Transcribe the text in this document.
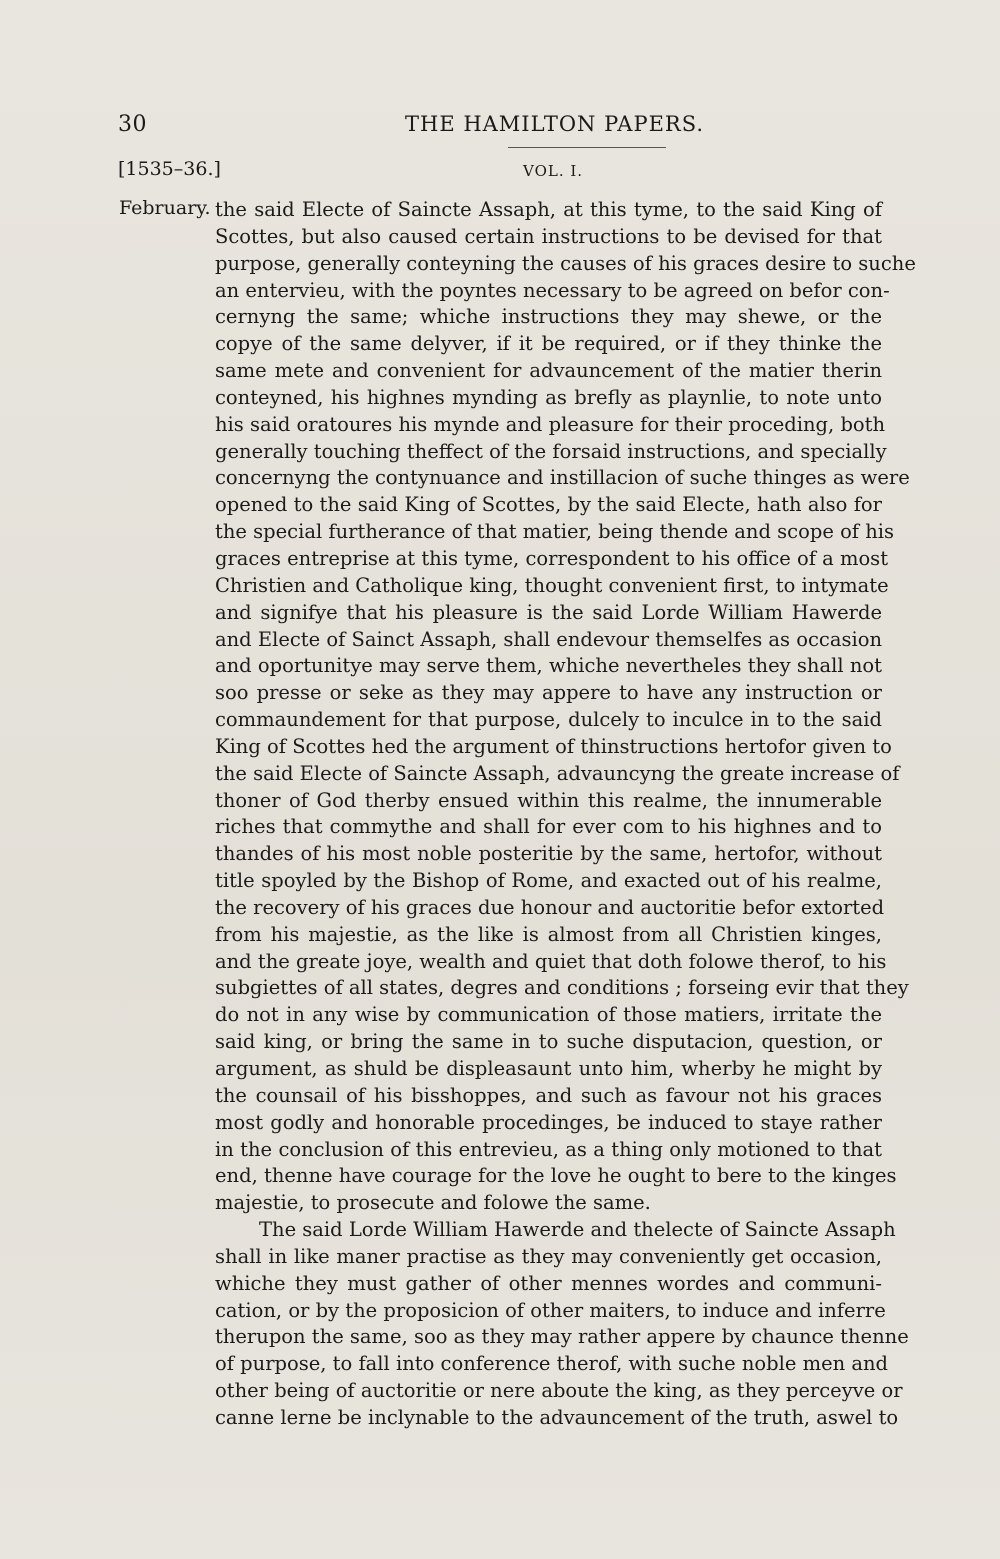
30	THE HAMILTON PAPERS.
[1535–36.]	VOL. I.
February. the said Electe of Saincte Assaph, at this tyme, to the said King of
Scottes, but also caused certain instructions to be devised for that
purpose, generally conteyning the causes of his graces desire to suche
an entervieu, with the poyntes necessary to be agreed on befor con-
cernyng the same; whiche instructions they may shewe, or the
copye of the same delyver, if it be required, or if they thinke the
same mete and convenient for advauncement of the matier therin
conteyned, his highnes mynding as brefly as playnlie, to note unto
his said oratoures his mynde and pleasure for their proceding, both
generally touching theffect of the forsaid instructions, and specially
concernyng the contynuance and instillacion of suche thinges as were
opened to the said King of Scottes, by the said Electe, hath also for
the special furtherance of that matier, being thende and scope of his
graces entreprise at this tyme, correspondent to his office of a most
Christien and Catholique king, thought convenient first, to intymate
and signifye that his pleasure is the said Lorde William Hawerde
and Electe of Sainct Assaph, shall endevour themselfes as occasion
and oportunitye may serve them, whiche nevertheles they shall not
soo presse or seke as they may appere to have any instruction or
commaundement for that purpose, dulcely to inculce in to the said
King of Scottes hed the argument of thinstructions hertofor given to
the said Electe of Saincte Assaph, advauncyng the greate increase of
thoner of God therby ensued within this realme, the innumerable
riches that commythe and shall for ever com to his highnes and to
thandes of his most noble posteritie by the same, hertofor, without
title spoyled by the Bishop of Rome, and exacted out of his realme,
the recovery of his graces due honour and auctoritie befor extorted
from his majestie, as the like is almost from all Christien kinges,
and the greate joye, wealth and quiet that doth folowe therof, to his
subgiettes of all states, degres and conditions ; forseing evir that they
do not in any wise by communication of those matiers, irritate the
said king, or bring the same in to suche disputacion, question, or
argument, as shuld be displeasaunt unto him, wherby he might by
the counsail of his bisshoppes, and such as favour not his graces
most godly and honorable procedinges, be induced to staye rather
in the conclusion of this entrevieu, as a thing only motioned to that
end, thenne have courage for the love he ought to bere to the kinges
majestie, to prosecute and folowe the same.
The said Lorde William Hawerde and thelecte of Saincte Assaph
shall in like maner practise as they may conveniently get occasion,
whiche they must gather of other mennes wordes and communi-
cation, or by the proposicion of other maiters, to induce and inferre
therupon the same, soo as they may rather appere by chaunce thenne
of purpose, to fall into conference therof, with suche noble men and
other being of auctoritie or nere aboute the king, as they perceyve or
canne lerne be inclynable to the advauncement of the truth, aswel to
